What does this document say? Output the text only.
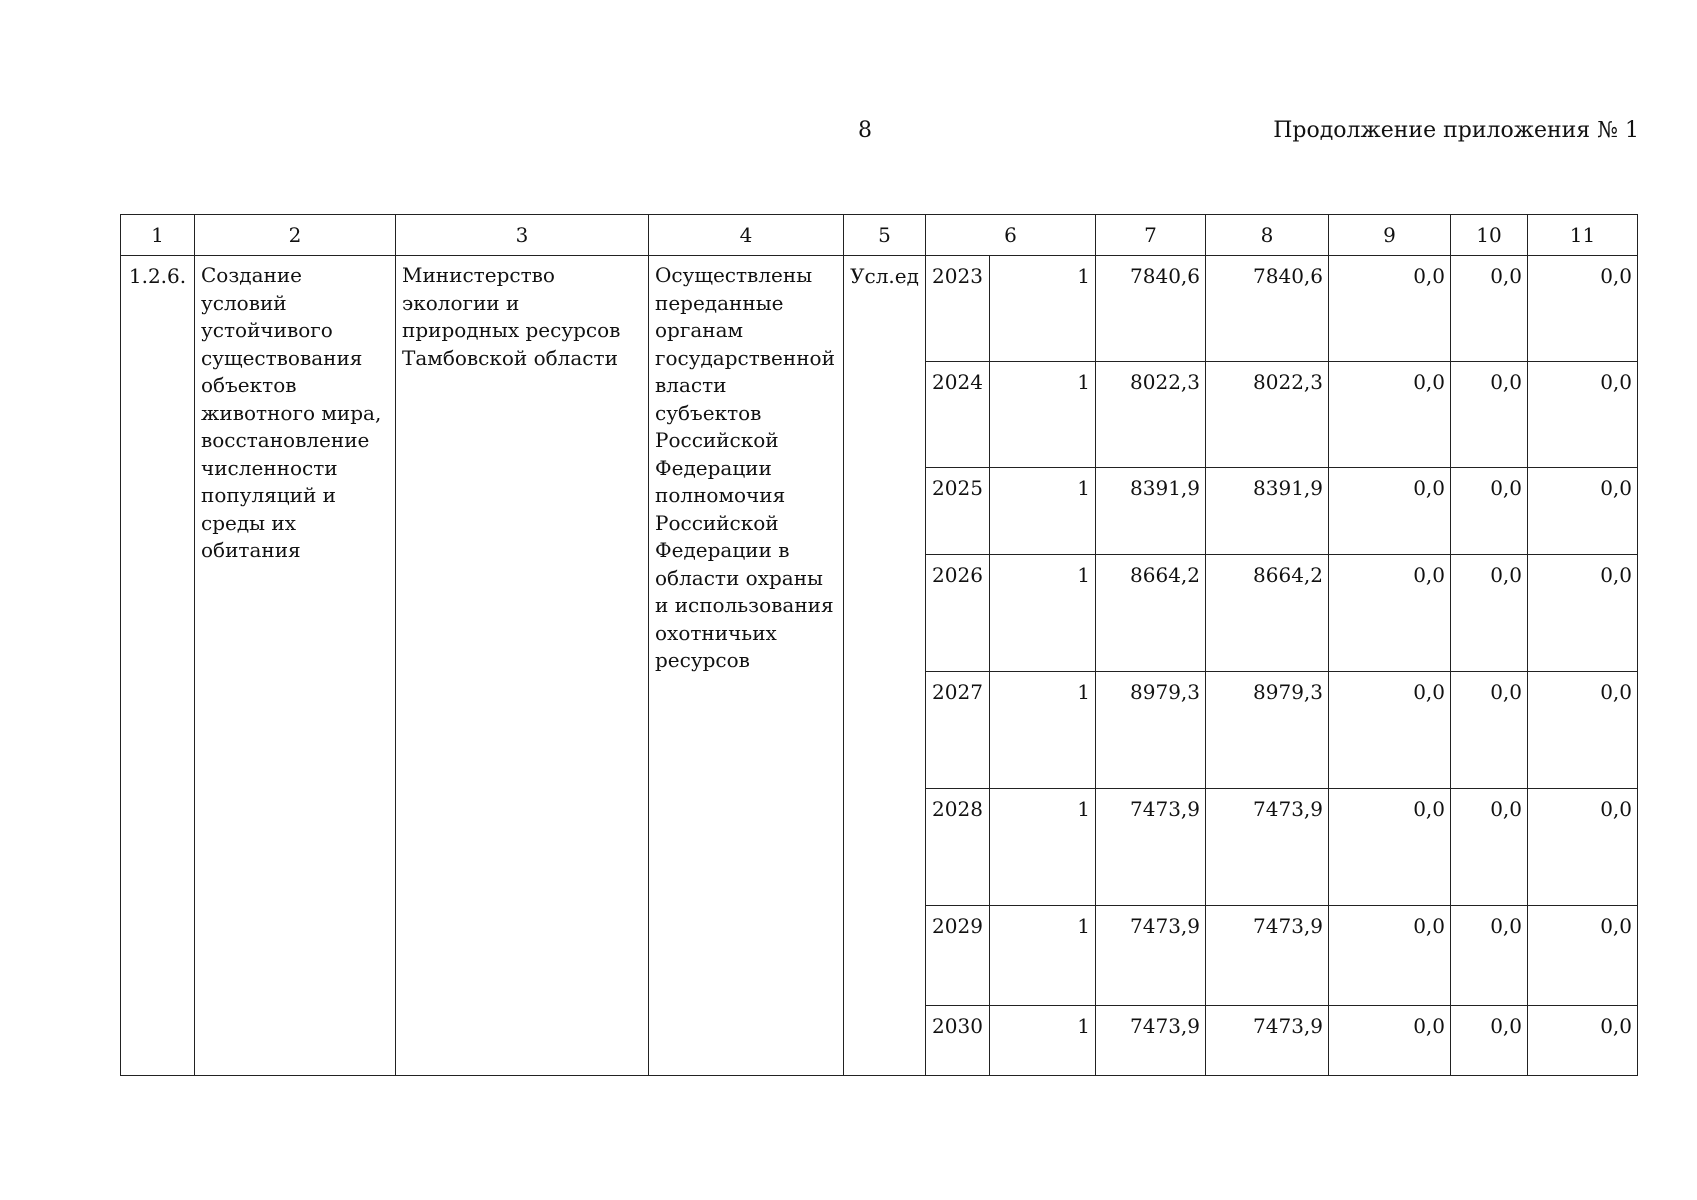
8	Продолжение приложения № 1
1	2	3	4	5	6		7	8	9	10	11
1.2.6.	Создание условий устойчивого существования объектов животного мира, восстановление численности популяций и среды их обитания	Министерство экологии и природных ресурсов Тамбовской области	Осуществлены переданные органам государственной власти субъектов Российской Федерации полномочия Российской Федерации в области охраны и использования охотничьих ресурсов	Усл.ед	2023	1	7840,6	7840,6	0,0	0,0	0,0
					2024	1	8022,3	8022,3	0,0	0,0	0,0
					2025	1	8391,9	8391,9	0,0	0,0	0,0
					2026	1	8664,2	8664,2	0,0	0,0	0,0
					2027	1	8979,3	8979,3	0,0	0,0	0,0
					2028	1	7473,9	7473,9	0,0	0,0	0,0
					2029	1	7473,9	7473,9	0,0	0,0	0,0
					2030	1	7473,9	7473,9	0,0	0,0	0,0
